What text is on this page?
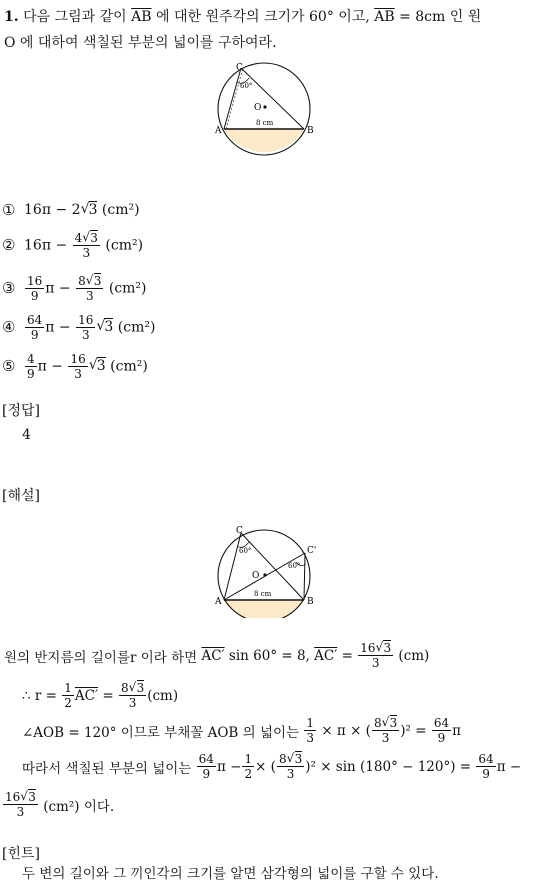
1. 다음 그림과 같이 $\overline{AB}$ 에 대한 원주각의 크기가 60° 이고, $\overline{AB} = 8cm$ 인 원
O 에 대하여 색칠된 부분의 넓이를 구하여라.
C
60°
O
A	B
8 cm
① 16π − 2 √ 3 (cm²)
② $16\pi - \frac{4 √ 3}{3} (cm^2)$
③ $\frac{16}{9}$ $\pi - \frac{8 √ 3}{3} (cm^2)$
④ $\frac{64}{9}$ $\pi - \frac{16}{3}$ √ 3 (cm²)
⑤ $\frac{4}{9}$ $\pi - \frac{16}{3}$ √ 3 (cm²)
[정답]
4
[해설]
C
C'
60°
60°
O
A	B
8 cm
원의 반지름의 길이를r 이라 하면
AC′
sin 60° = 8,
$AC' = \frac{16 √ 3}{3}$
(cm)
∴ r =
$\frac{1}{2} AC'$
=
$\frac{8 √ 3}{3} (cm)$
∠AOB = 120° 이므로 부채꼴 AOB 의 넓이는
$\frac{1}{3}$
× π × ( $\frac{8 √ 3}{3} )^2$ =
$\frac{64}{9}$ π
따라서 색칠된 부분의 넓이는
$\frac{64}{9}$ $\pi - \frac{1}{2}$ × ( $\frac{8 √ 3}{3} )^2 \times \sin (180^\circ - 120^\circ)$ =
$\frac{64}{9}$ π −
$\frac{16 √ 3}{3}$
(cm²) 이다.
[힌트]
두 변의 길이와 그 끼인각의 크기를 알면 삼각형의 넓이를 구할 수 있다.
